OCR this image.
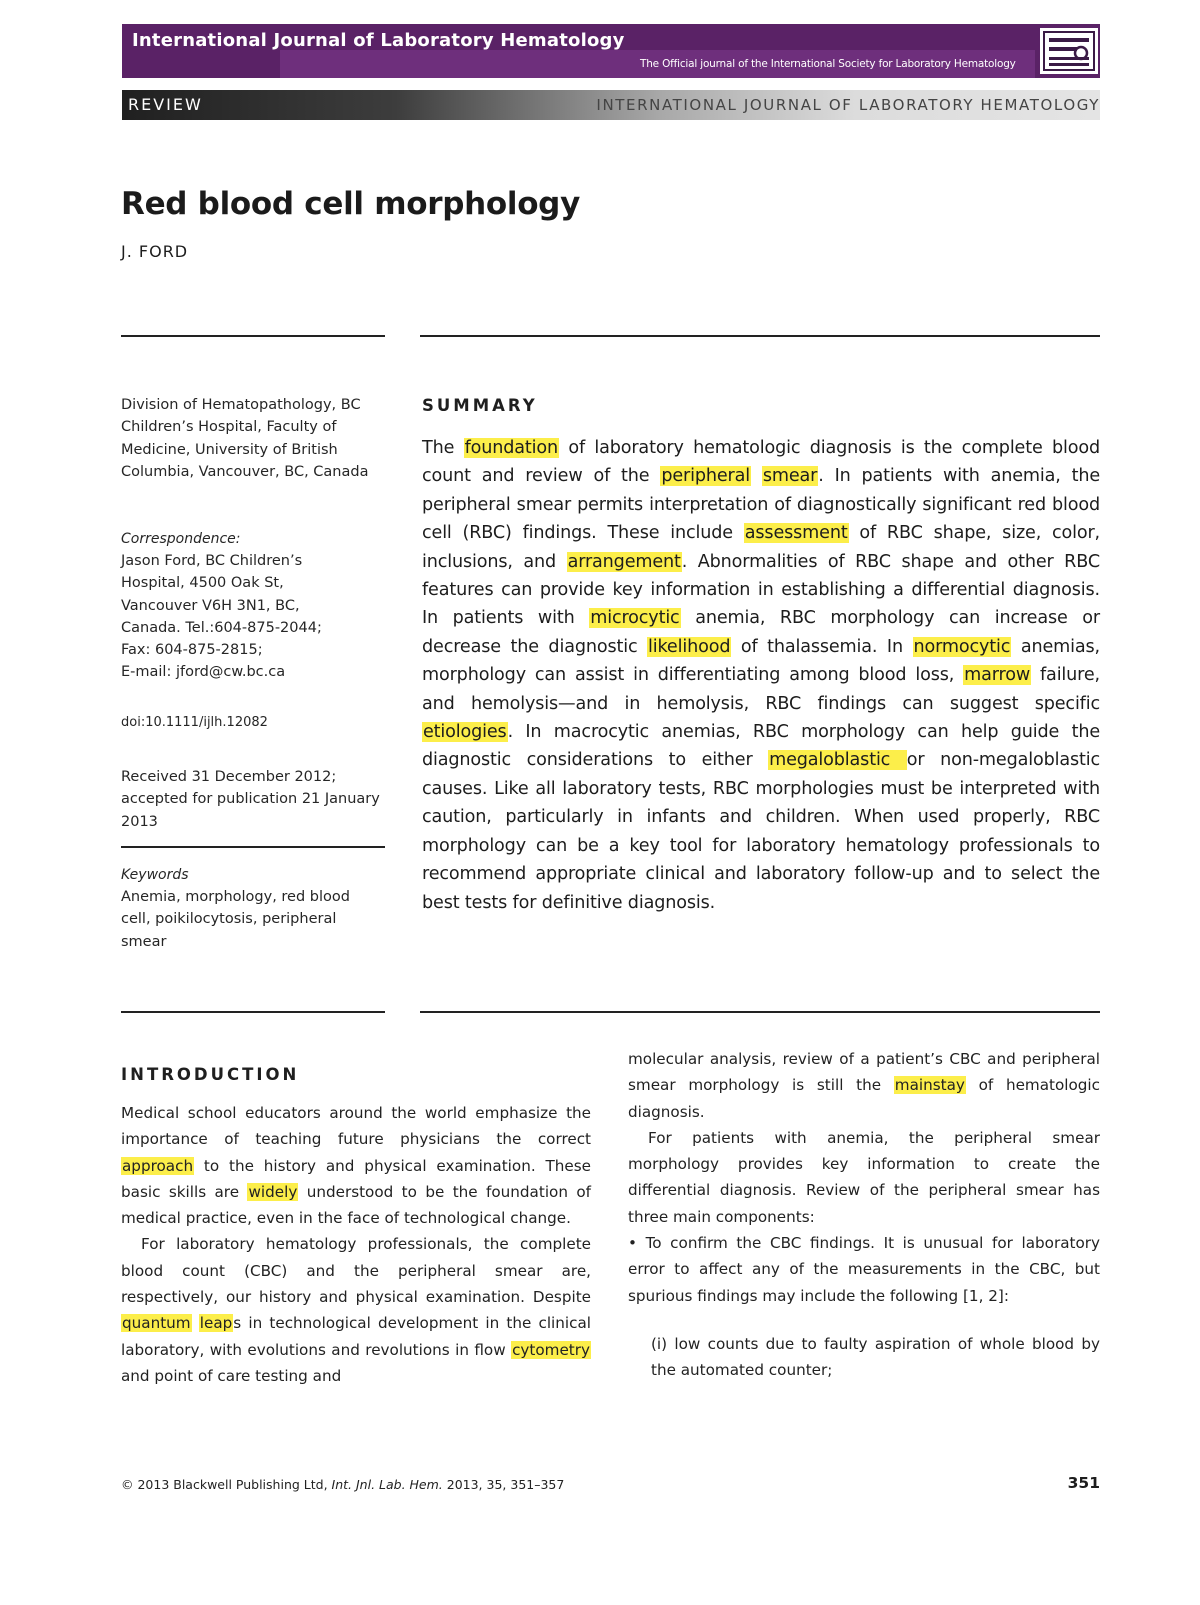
International Journal of Laboratory Hematology
The Official journal of the International Society for Laboratory Hematology
REVIEW	INTERNATIONAL JOURNAL OF LABORATORY HEMATOLOGY
Red blood cell morphology
J. FORD
Division of Hematopathology, BC Children’s Hospital, Faculty of Medicine, University of British Columbia, Vancouver, BC, Canada
Correspondence:
Jason Ford, BC Children’s
Hospital, 4500 Oak St,
Vancouver V6H 3N1, BC,
Canada. Tel.:604-875-2044;
Fax: 604-875-2815;
E-mail: jford@cw.bc.ca
doi:10.1111/ijlh.12082
Received 31 December 2012; accepted for publication 21 January 2013
Keywords
Anemia, morphology, red blood cell, poikilocytosis, peripheral smear
SUMMARY
The foundation of laboratory hematologic diagnosis is the complete blood count and review of the peripheral smear. In patients with anemia, the peripheral smear permits interpretation of diagnostically significant red blood cell (RBC) findings. These include assessment of RBC shape, size, color, inclusions, and arrangement. Abnormalities of RBC shape and other RBC features can provide key information in establishing a differential diagnosis. In patients with microcytic anemia, RBC morphology can increase or decrease the diagnostic likelihood of thalassemia. In normocytic anemias, morphology can assist in differentiating among blood loss, marrow failure, and hemolysis—and in hemolysis, RBC findings can suggest specific etiologies. In macrocytic anemias, RBC morphology can help guide the diagnostic considerations to either megaloblastic or non-megaloblastic causes. Like all laboratory tests, RBC morphologies must be interpreted with caution, particularly in infants and children. When used properly, RBC morphology can be a key tool for laboratory hematology professionals to recommend appropriate clinical and laboratory follow-up and to select the best tests for definitive diagnosis.
INTRODUCTION

Medical school educators around the world emphasize the importance of teaching future physicians the correct approach to the history and physical examination. These basic skills are widely understood to be the foundation of medical practice, even in the face of technological change.

For laboratory hematology professionals, the complete blood count (CBC) and the peripheral smear are, respectively, our history and physical examination. Despite quantum leaps in technological development in the clinical laboratory, with evolutions and revolutions in flow cytometry and point of care testing and

molecular analysis, review of a patient’s CBC and peripheral smear morphology is still the mainstay of hematologic diagnosis.

For patients with anemia, the peripheral smear morphology provides key information to create the differential diagnosis. Review of the peripheral smear has three main components:

• To confirm the CBC findings. It is unusual for laboratory error to affect any of the measurements in the CBC, but spurious findings may include the following [1, 2]:

(i) low counts due to faulty aspiration of whole blood by the automated counter;

© 2013 Blackwell Publishing Ltd, Int. Jnl. Lab. Hem. 2013, 35, 351–357	351
